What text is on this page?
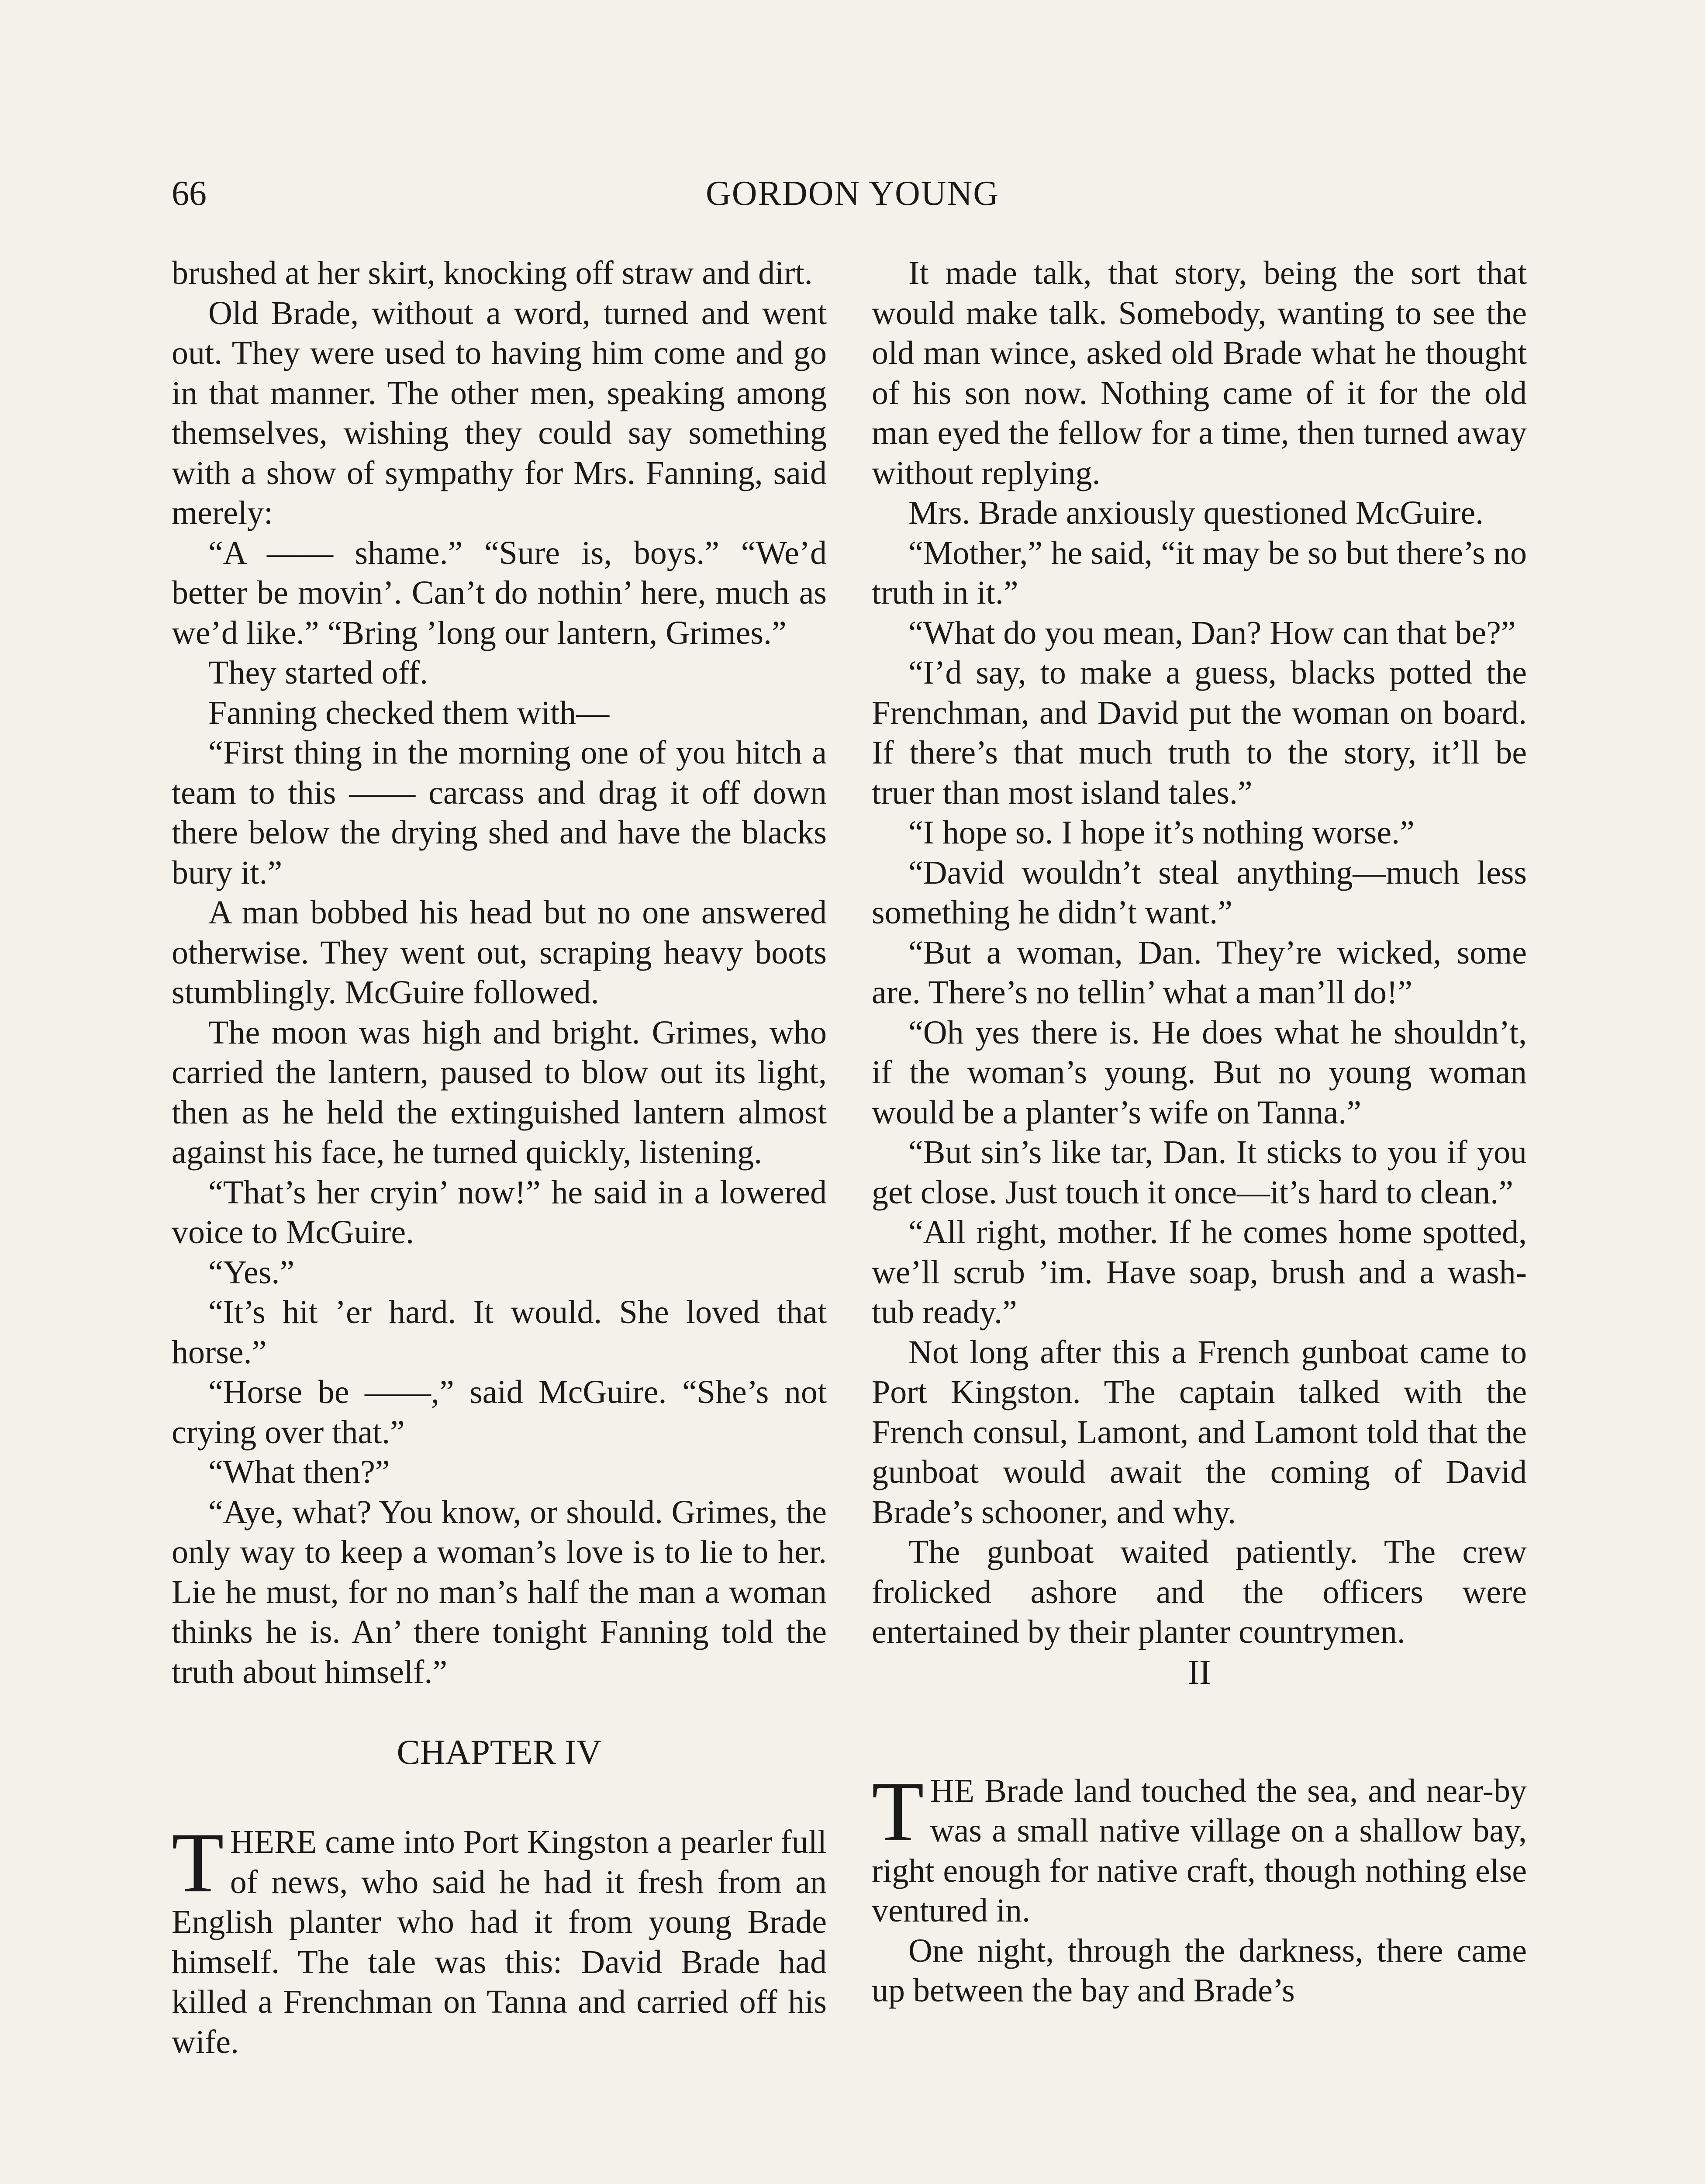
66	GORDON YOUNG

brushed at her skirt, knocking off straw and dirt.

Old Brade, without a word, turned and went out. They were used to having him come and go in that manner. The other men, speaking among themselves, wishing they could say something with a show of sympathy for Mrs. Fanning, said merely:

“A —— shame.” “Sure is, boys.” “We’d better be movin’. Can’t do nothin’ here, much as we’d like.” “Bring ’long our lantern, Grimes.”

They started off.

Fanning checked them with—

“First thing in the morning one of you hitch a team to this —— carcass and drag it off down there below the drying shed and have the blacks bury it.”

A man bobbed his head but no one answered otherwise. They went out, scraping heavy boots stumblingly. McGuire followed.

The moon was high and bright. Grimes, who carried the lantern, paused to blow out its light, then as he held the extinguished lantern almost against his face, he turned quickly, listening.

“That’s her cryin’ now!” he said in a lowered voice to McGuire.

“Yes.”

“It’s hit ’er hard. It would. She loved that horse.”

“Horse be ——,” said McGuire. “She’s not crying over that.”

“What then?”

“Aye, what? You know, or should. Grimes, the only way to keep a woman’s love is to lie to her. Lie he must, for no man’s half the man a woman thinks he is. An’ there tonight Fanning told the truth about himself.”

CHAPTER IV

THERE came into Port Kingston a pearler full of news, who said he had it fresh from an English planter who had it from young Brade himself. The tale was this: David Brade had killed a Frenchman on Tanna and carried off his wife.

It made talk, that story, being the sort that would make talk. Somebody, wanting to see the old man wince, asked old Brade what he thought of his son now. Nothing came of it for the old man eyed the fellow for a time, then turned away without replying.

Mrs. Brade anxiously questioned McGuire.

“Mother,” he said, “it may be so but there’s no truth in it.”

“What do you mean, Dan? How can that be?”

“I’d say, to make a guess, blacks potted the Frenchman, and David put the woman on board. If there’s that much truth to the story, it’ll be truer than most island tales.”

“I hope so. I hope it’s nothing worse.”

“David wouldn’t steal anything—much less something he didn’t want.”

“But a woman, Dan. They’re wicked, some are. There’s no tellin’ what a man’ll do!”

“Oh yes there is. He does what he shouldn’t, if the woman’s young. But no young woman would be a planter’s wife on Tanna.”

“But sin’s like tar, Dan. It sticks to you if you get close. Just touch it once—it’s hard to clean.”

“All right, mother. If he comes home spotted, we’ll scrub ’im. Have soap, brush and a wash-tub ready.”

Not long after this a French gunboat came to Port Kingston. The captain talked with the French consul, Lamont, and Lamont told that the gunboat would await the coming of David Brade’s schooner, and why.

The gunboat waited patiently. The crew frolicked ashore and the officers were entertained by their planter countrymen.

II

THE Brade land touched the sea, and near-by was a small native village on a shallow bay, right enough for native craft, though nothing else ventured in.

One night, through the darkness, there came up between the bay and Brade’s
